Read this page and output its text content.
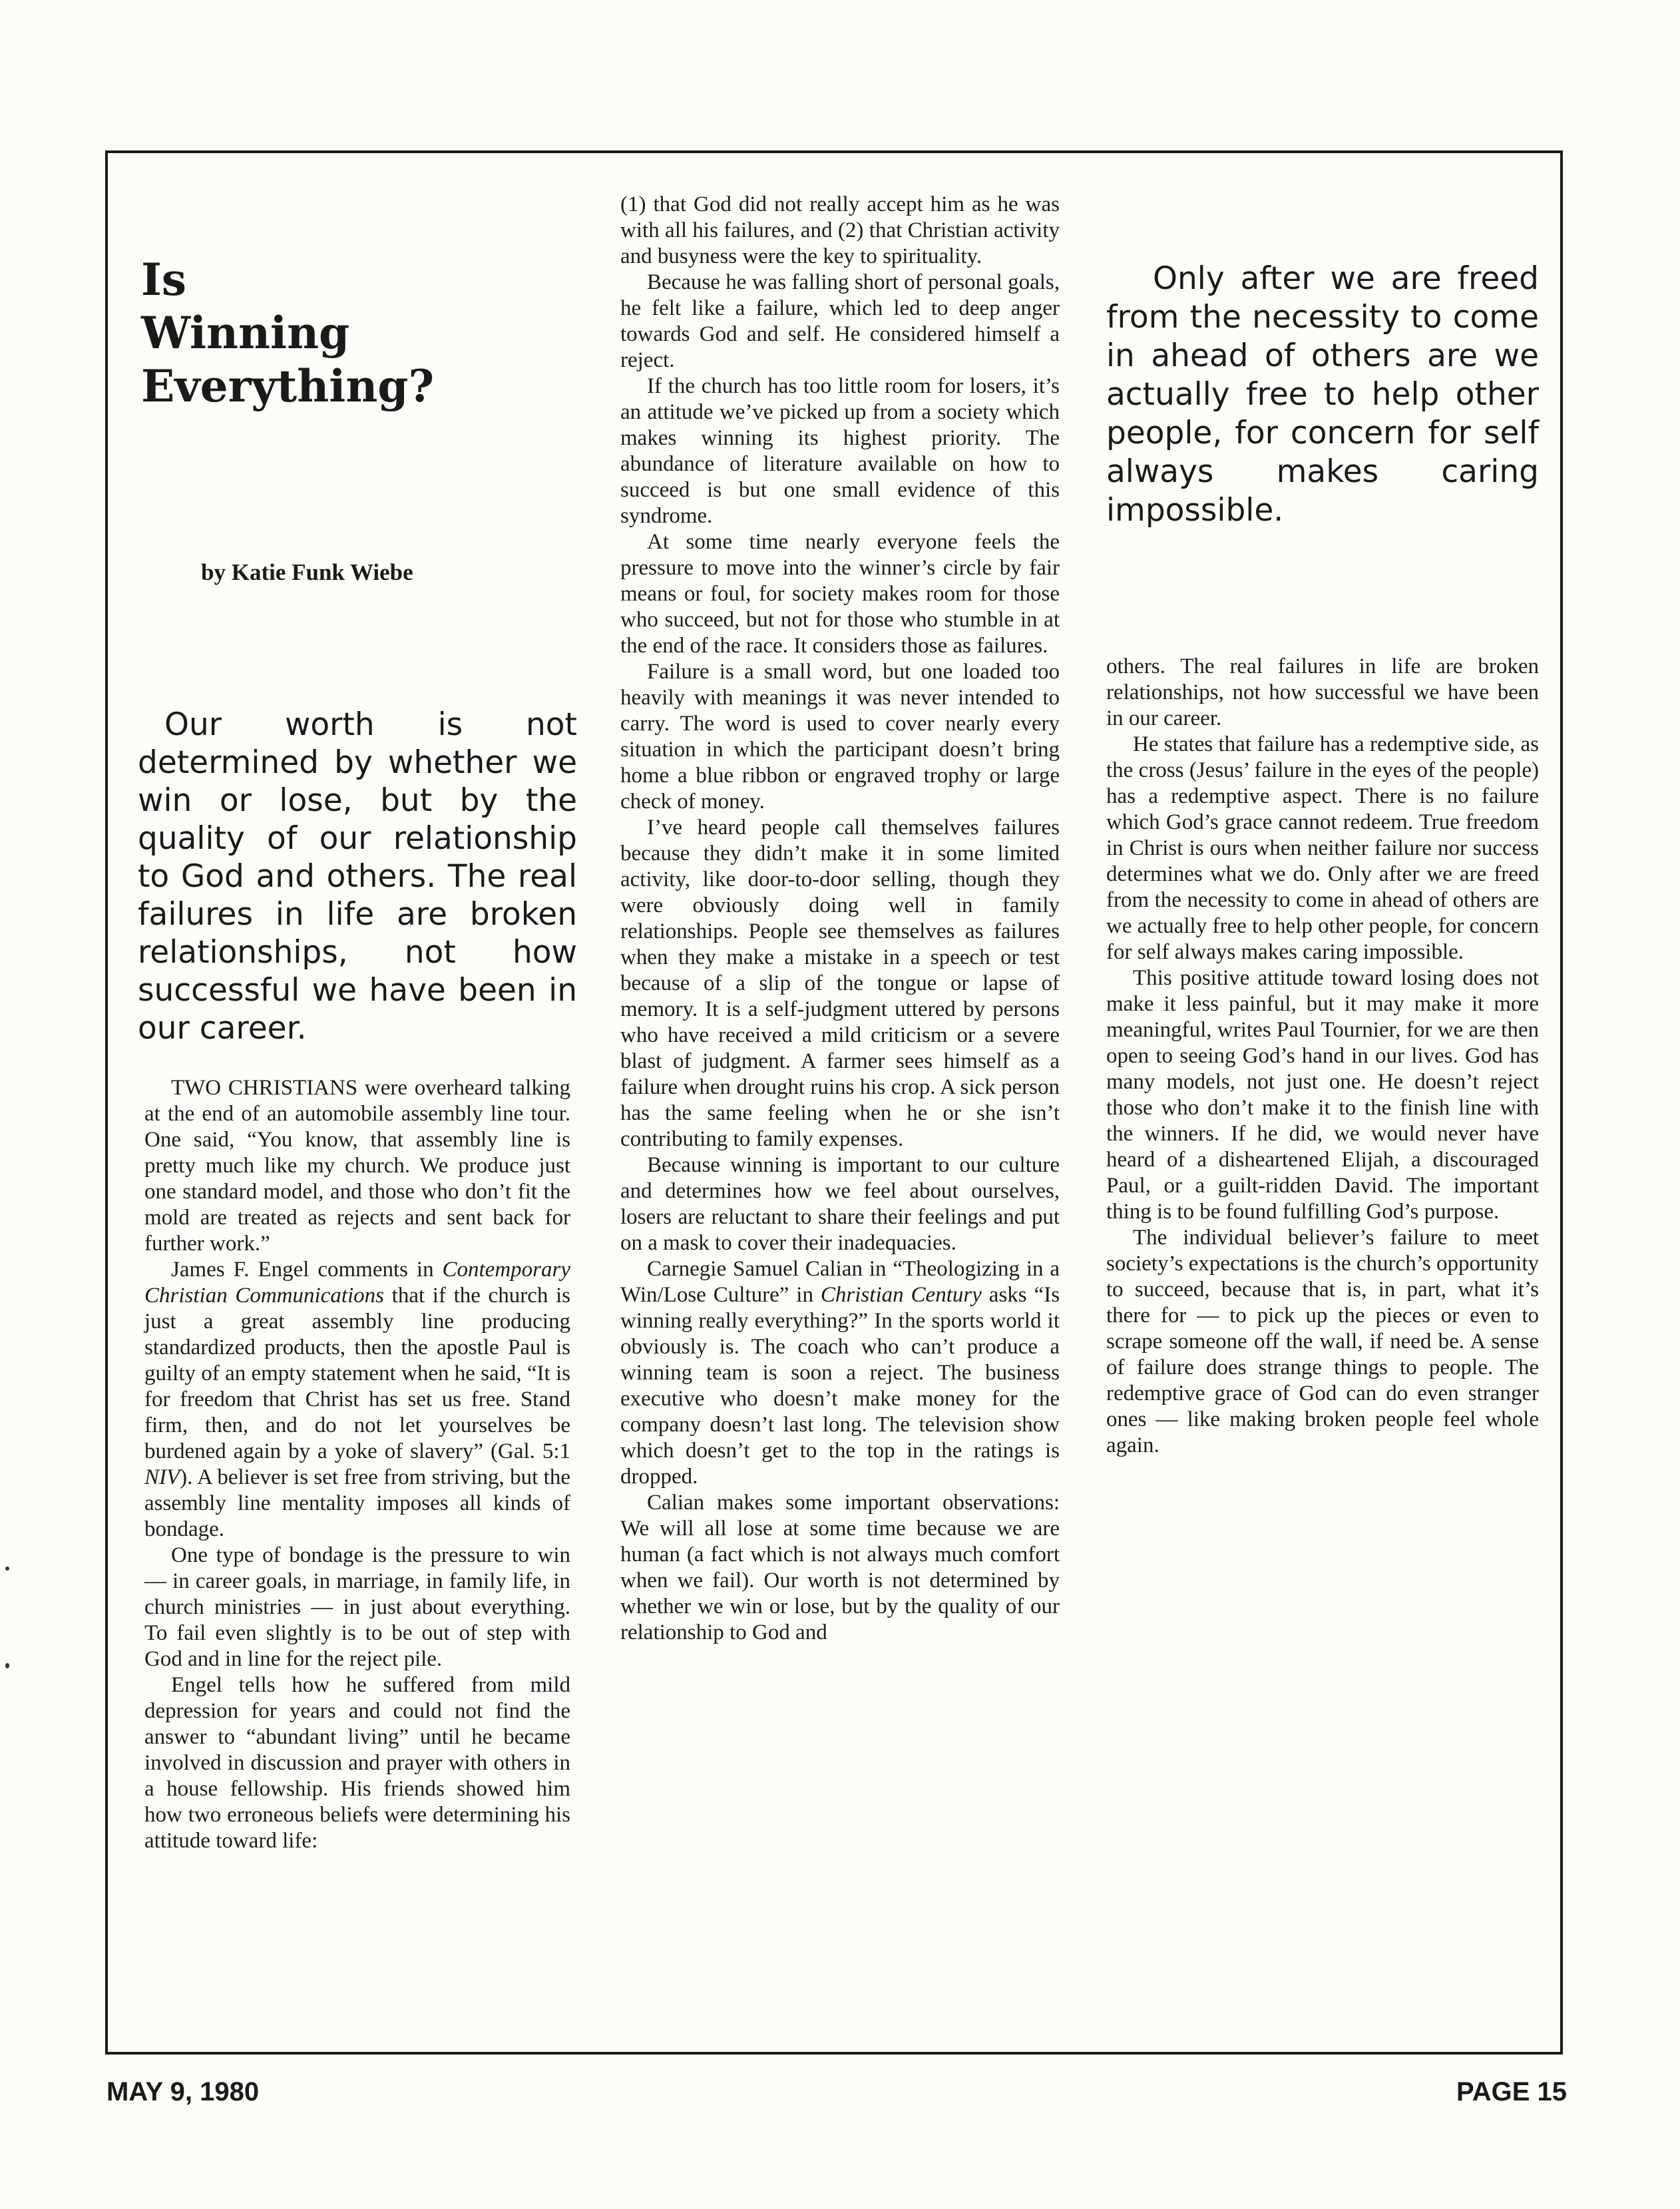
Is
Winning
Everything?
by Katie Funk Wiebe

Our worth is not determined by whether we win or lose, but by the quality of our relationship to God and others. The real failures in life are broken relationships, not how successful we have been in our career.

TWO CHRISTIANS were overheard talking at the end of an automobile assembly line tour. One said, “You know, that assembly line is pretty much like my church. We produce just one standard model, and those who don’t fit the mold are treated as rejects and sent back for further work.”

James F. Engel comments in Contemporary Christian Communications that if the church is just a great assembly line producing standardized products, then the apostle Paul is guilty of an empty statement when he said, “It is for freedom that Christ has set us free. Stand firm, then, and do not let yourselves be burdened again by a yoke of slavery” (Gal. 5:1 NIV). A believer is set free from striving, but the assembly line mentality imposes all kinds of bondage.

One type of bondage is the pressure to win — in career goals, in marriage, in family life, in church ministries — in just about everything. To fail even slightly is to be out of step with God and in line for the reject pile.

Engel tells how he suffered from mild depression for years and could not find the answer to “abundant living” until he became involved in discussion and prayer with others in a house fellowship. His friends showed him how two erroneous beliefs were determining his attitude toward life:

(1) that God did not really accept him as he was with all his failures, and (2) that Christian activity and busyness were the key to spirituality.

Because he was falling short of personal goals, he felt like a failure, which led to deep anger towards God and self. He considered himself a reject.

If the church has too little room for losers, it’s an attitude we’ve picked up from a society which makes winning its highest priority. The abundance of literature available on how to succeed is but one small evidence of this syndrome.

At some time nearly everyone feels the pressure to move into the winner’s circle by fair means or foul, for society makes room for those who succeed, but not for those who stumble in at the end of the race. It considers those as failures.

Failure is a small word, but one loaded too heavily with meanings it was never intended to carry. The word is used to cover nearly every situation in which the participant doesn’t bring home a blue ribbon or engraved trophy or large check of money.

I’ve heard people call themselves failures because they didn’t make it in some limited activity, like door-to-door selling, though they were obviously doing well in family relationships. People see themselves as failures when they make a mistake in a speech or test because of a slip of the tongue or lapse of memory. It is a self-judgment uttered by persons who have received a mild criticism or a severe blast of judgment. A farmer sees himself as a failure when drought ruins his crop. A sick person has the same feeling when he or she isn’t contributing to family expenses.

Because winning is important to our culture and determines how we feel about ourselves, losers are reluctant to share their feelings and put on a mask to cover their inadequacies.

Carnegie Samuel Calian in “Theologizing in a Win/Lose Culture” in Christian Century asks “Is winning really everything?” In the sports world it obviously is. The coach who can’t produce a winning team is soon a reject. The business executive who doesn’t make money for the company doesn’t last long. The television show which doesn’t get to the top in the ratings is dropped.

Calian makes some important observations: We will all lose at some time because we are human (a fact which is not always much comfort when we fail). Our worth is not determined by whether we win or lose, but by the quality of our relationship to God and

Only after we are freed from the necessity to come in ahead of others are we actually free to help other people, for concern for self always makes caring impossible.

others. The real failures in life are broken relationships, not how successful we have been in our career.

He states that failure has a redemptive side, as the cross (Jesus’ failure in the eyes of the people) has a redemptive aspect. There is no failure which God’s grace cannot redeem. True freedom in Christ is ours when neither failure nor success determines what we do. Only after we are freed from the necessity to come in ahead of others are we actually free to help other people, for concern for self always makes caring impossible.

This positive attitude toward losing does not make it less painful, but it may make it more meaningful, writes Paul Tournier, for we are then open to seeing God’s hand in our lives. God has many models, not just one. He doesn’t reject those who don’t make it to the finish line with the winners. If he did, we would never have heard of a disheartened Elijah, a discouraged Paul, or a guilt-ridden David. The important thing is to be found fulfilling God’s purpose.

The individual believer’s failure to meet society’s expectations is the church’s opportunity to succeed, because that is, in part, what it’s there for — to pick up the pieces or even to scrape someone off the wall, if need be. A sense of failure does strange things to people. The redemptive grace of God can do even stranger ones — like making broken people feel whole again.

MAY 9, 1980	PAGE 15
